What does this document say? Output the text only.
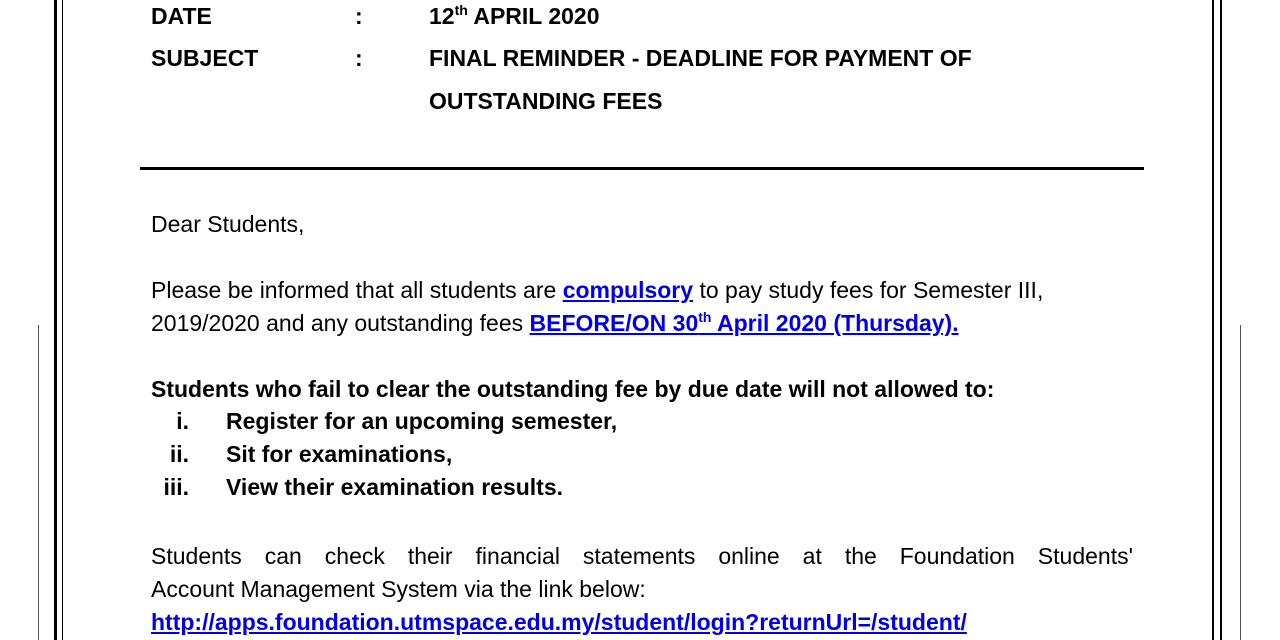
DATE	:	12th APRIL 2020
SUBJECT	:	FINAL REMINDER - DEADLINE FOR PAYMENT OF
OUTSTANDING FEES
Dear Students,
Please be informed that all students are compulsory to pay study fees for Semester III,
2019/2020 and any outstanding fees BEFORE/ON 30th April 2020 (Thursday).
Students who fail to clear the outstanding fee by due date will not allowed to:
i. Register for an upcoming semester,
ii. Sit for examinations,
iii. View their examination results.
Students can check their financial statements online at the Foundation Students'
Account Management System via the link below:
http://apps.foundation.utmspace.edu.my/student/login?returnUrl=/student/
